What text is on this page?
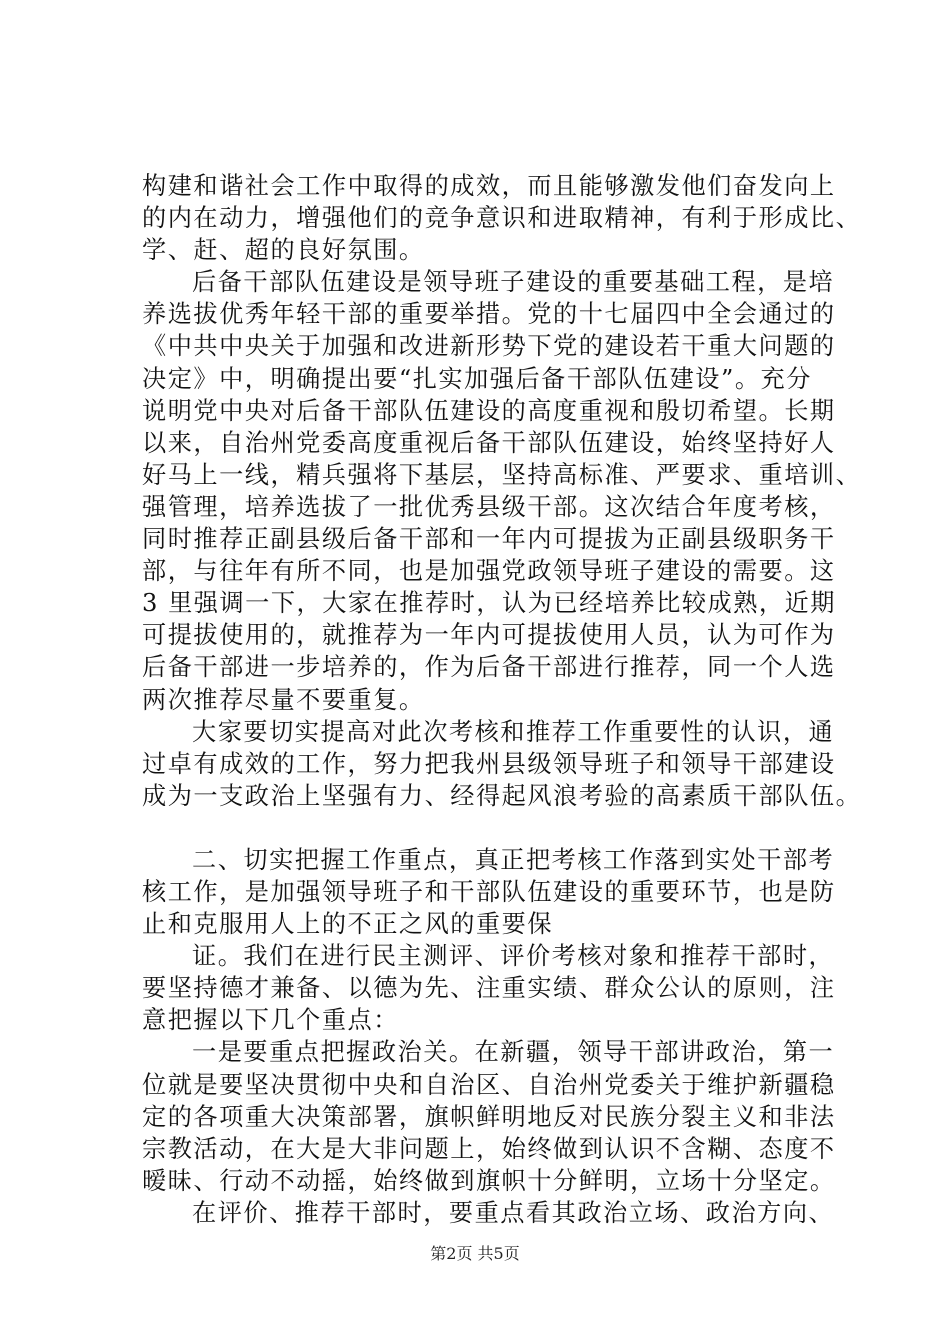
构建和谐社会工作中取得的成效，而且能够激发他们奋发向上
的内在动力，增强他们的竞争意识和进取精神，有利于形成比、
学、赶、超的良好氛围。
后备干部队伍建设是领导班子建设的重要基础工程，是培
养选拔优秀年轻干部的重要举措。党的十七届四中全会通过的
《中共中央关于加强和改进新形势下党的建设若干重大问题的
决定》中，明确提出要“扎实加强后备干部队伍建设”。充分
说明党中央对后备干部队伍建设的高度重视和殷切希望。长期
以来，自治州党委高度重视后备干部队伍建设，始终坚持好人
好马上一线，精兵强将下基层，坚持高标准、严要求、重培训、
强管理，培养选拔了一批优秀县级干部。这次结合年度考核，
同时推荐正副县级后备干部和一年内可提拔为正副县级职务干
部，与往年有所不同，也是加强党政领导班子建设的需要。这
3 里强调一下，大家在推荐时，认为已经培养比较成熟，近期
可提拔使用的，就推荐为一年内可提拔使用人员，认为可作为
后备干部进一步培养的，作为后备干部进行推荐，同一个人选
两次推荐尽量不要重复。
大家要切实提高对此次考核和推荐工作重要性的认识，通
过卓有成效的工作，努力把我州县级领导班子和领导干部建设
成为一支政治上坚强有力、经得起风浪考验的高素质干部队伍。
二、切实把握工作重点，真正把考核工作落到实处干部考
核工作，是加强领导班子和干部队伍建设的重要环节，也是防
止和克服用人上的不正之风的重要保
证。我们在进行民主测评、评价考核对象和推荐干部时，
要坚持德才兼备、以德为先、注重实绩、群众公认的原则，注
意把握以下几个重点：
一是要重点把握政治关。在新疆，领导干部讲政治，第一
位就是要坚决贯彻中央和自治区、自治州党委关于维护新疆稳
定的各项重大决策部署，旗帜鲜明地反对民族分裂主义和非法
宗教活动，在大是大非问题上，始终做到认识不含糊、态度不
暧昧、行动不动摇，始终做到旗帜十分鲜明，立场十分坚定。
在评价、推荐干部时，要重点看其政治立场、政治方向、
第2页 共5页
